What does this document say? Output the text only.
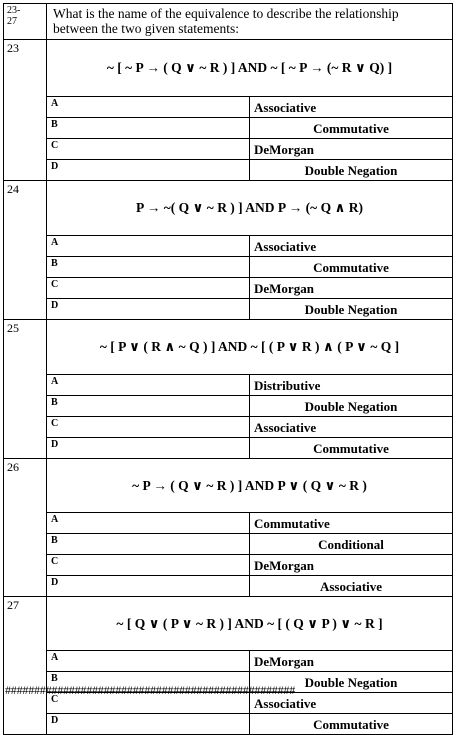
23-
27	What is the name of the equivalence to describe the relationship between the two given statements:
23	~ [ ~ P → ( Q ∨ ~ R ) ] AND ~ [ ~ P → (~ R ∨ Q) ]	

	A	Associative
	B	Commutative
	C	DeMorgan
	D	Double Negation
24	P → ~( Q ∨ ~ R ) ] AND P → (~ Q ∧ R)	

	A	Associative
	B	Commutative
	C	DeMorgan
	D	Double Negation
25	~ [ P ∨ ( R ∧ ~ Q ) ] AND ~ [ ( P ∨ R ) ∧ ( P ∨ ~ Q ]	

	A	Distributive
	B	Double Negation
	C	Associative
	D	Commutative
26	~ P → ( Q ∨ ~ R ) ] AND P ∨ ( Q ∨ ~ R )	

	A	Commutative
	B	Conditional
	C	DeMorgan
	D	Associative
27	~ [ Q ∨ ( P ∨ ~ R ) ] AND ~ [ ( Q ∨ P ) ∨ ~ R ]	

	A	DeMorgan
	B	Double Negation
	C	Associative
	D	Commutative
##################################################
